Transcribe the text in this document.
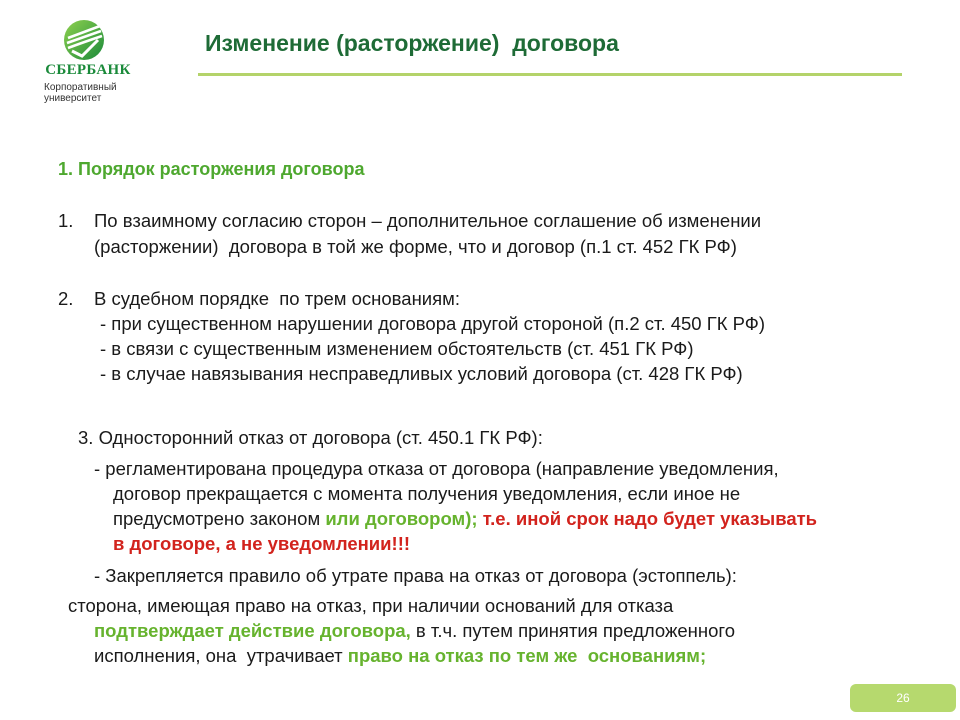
СБЕРБАНК
Корпоративный
университет
Изменение (расторжение)  договора
1. Порядок расторжения договора
1. По взаимному согласию сторон – дополнительное соглашение об изменении
(расторжении)  договора в той же форме, что и договор (п.1 ст. 452 ГК РФ)
2. В судебном порядке  по трем основаниям:
- при существенном нарушении договора другой стороной (п.2 ст. 450 ГК РФ)
- в связи с существенным изменением обстоятельств (ст. 451 ГК РФ)
- в случае навязывания несправедливых условий договора (ст. 428 ГК РФ)
3. Односторонний отказ от договора (ст. 450.1 ГК РФ):
- регламентирована процедура отказа от договора (направление уведомления,
договор прекращается с момента получения уведомления, если иное не
предусмотрено законом или договором); т.е. иной срок надо будет указывать
в договоре, а не уведомлении!!!
- Закрепляется правило об утрате права на отказ от договора (эстоппель):
сторона, имеющая право на отказ, при наличии оснований для отказа
подтверждает действие договора, в т.ч. путем принятия предложенного
исполнения, она  утрачивает право на отказ по тем же  основаниям;
26
